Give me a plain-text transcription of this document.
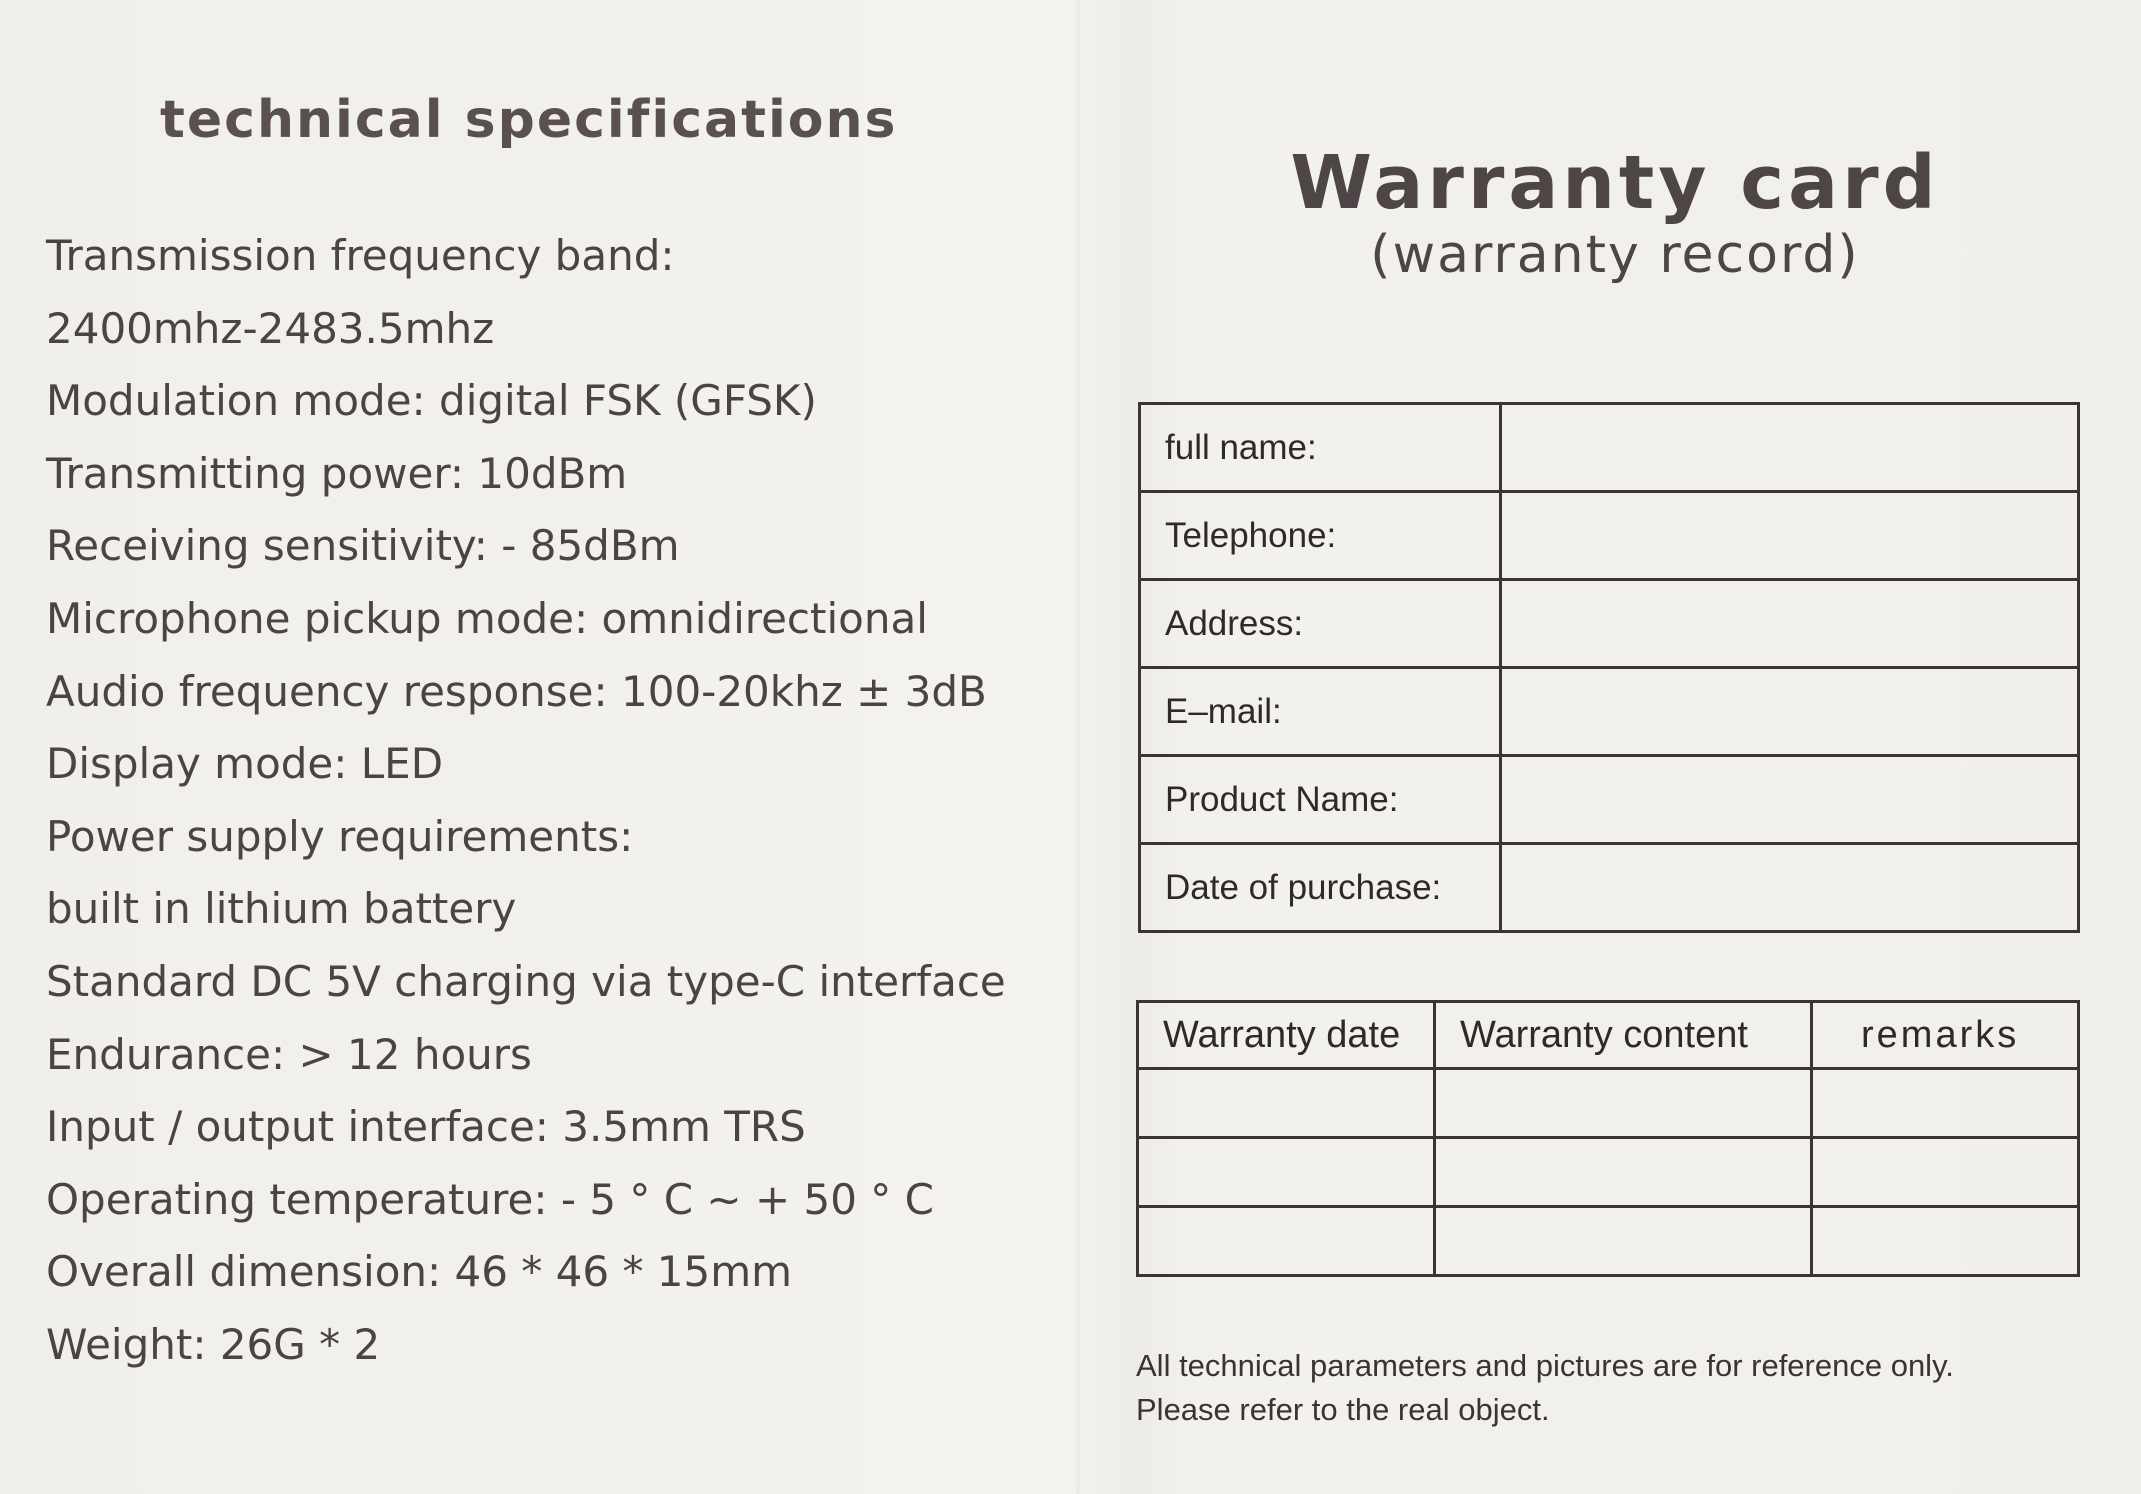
technical specifications
Transmission frequency band:
2400mhz-2483.5mhz
Modulation mode: digital FSK (GFSK)
Transmitting power: 10dBm
Receiving sensitivity: - 85dBm
Microphone pickup mode: omnidirectional
Audio frequency response: 100-20khz ± 3dB
Display mode: LED
Power supply requirements:
built in lithium battery
Standard DC 5V charging via type-C interface
Endurance: > 12 hours
Input / output interface: 3.5mm TRS
Operating temperature: - 5 ° C ~ + 50 ° C
Overall dimension: 46 * 46 * 15mm
Weight: 26G * 2
Warranty card
(warranty record)
full name:	
Telephone:	
Address:	
E–mail:	
Product Name:	
Date of purchase:	
Warranty date	Warranty content	remarks

All technical parameters and pictures are for reference only.

Please refer to the real object.
